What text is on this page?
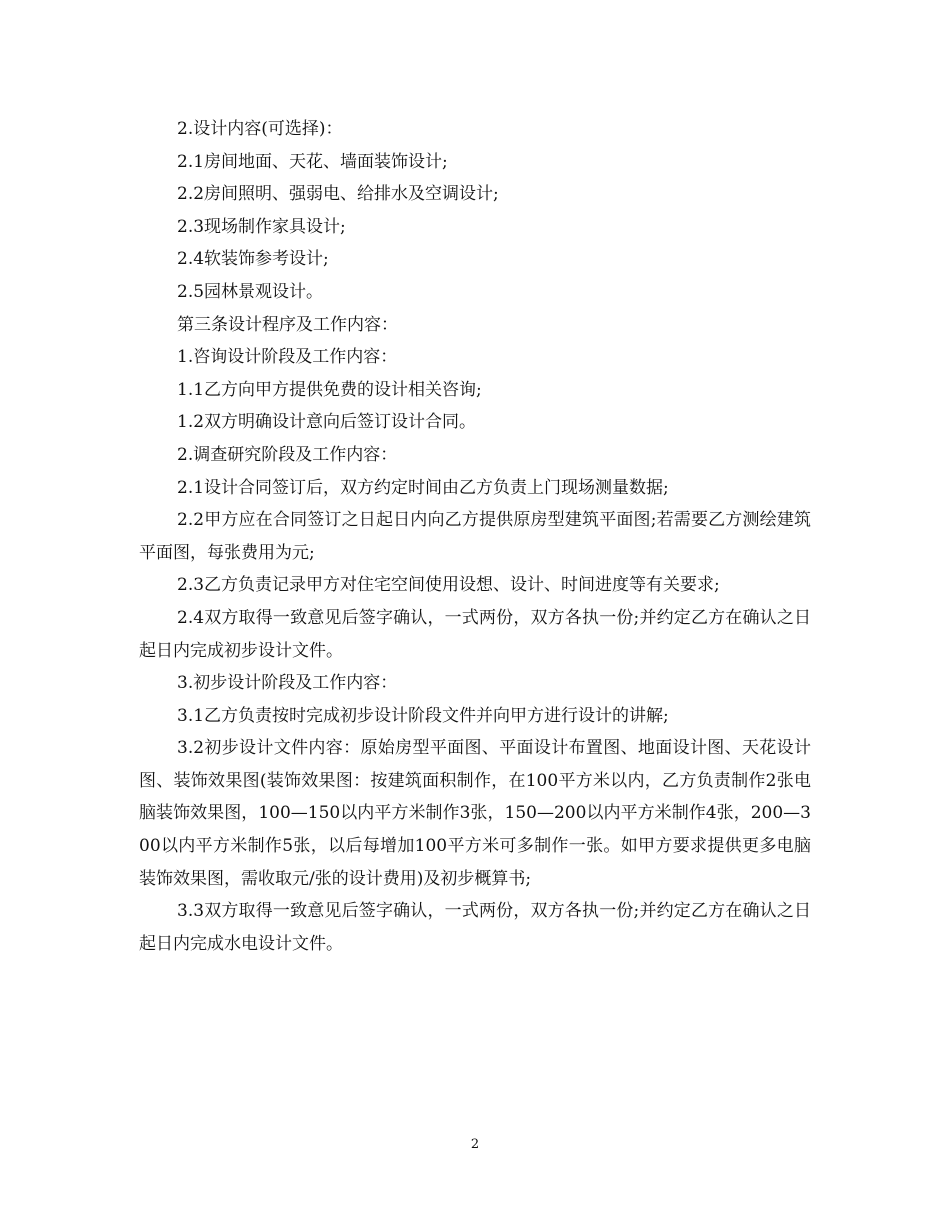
2.设计内容(可选择)：

2.1房间地面、天花、墙面装饰设计;

2.2房间照明、强弱电、给排水及空调设计;

2.3现场制作家具设计;

2.4软装饰参考设计;

2.5园林景观设计。

第三条设计程序及工作内容：

1.咨询设计阶段及工作内容：

1.1乙方向甲方提供免费的设计相关咨询;

1.2双方明确设计意向后签订设计合同。

2.调查研究阶段及工作内容：

2.1设计合同签订后，双方约定时间由乙方负责上门现场测量数据;

2.2甲方应在合同签订之日起日内向乙方提供原房型建筑平面图;若需要乙方测绘建筑平面图，每张费用为元;

2.3乙方负责记录甲方对住宅空间使用设想、设计、时间进度等有关要求;

2.4双方取得一致意见后签字确认，一式两份，双方各执一份;并约定乙方在确认之日起日内完成初步设计文件。

3.初步设计阶段及工作内容：

3.1乙方负责按时完成初步设计阶段文件并向甲方进行设计的讲解;

3.2初步设计文件内容：原始房型平面图、平面设计布置图、地面设计图、天花设计图、装饰效果图(装饰效果图：按建筑面积制作，在100平方米以内，乙方负责制作2张电脑装饰效果图，100—150以内平方米制作3张，150—200以内平方米制作4张，200—300以内平方米制作5张，以后每增加100平方米可多制作一张。如甲方要求提供更多电脑装饰效果图，需收取元/张的设计费用)及初步概算书;

3.3双方取得一致意见后签字确认，一式两份，双方各执一份;并约定乙方在确认之日起日内完成水电设计文件。

2
